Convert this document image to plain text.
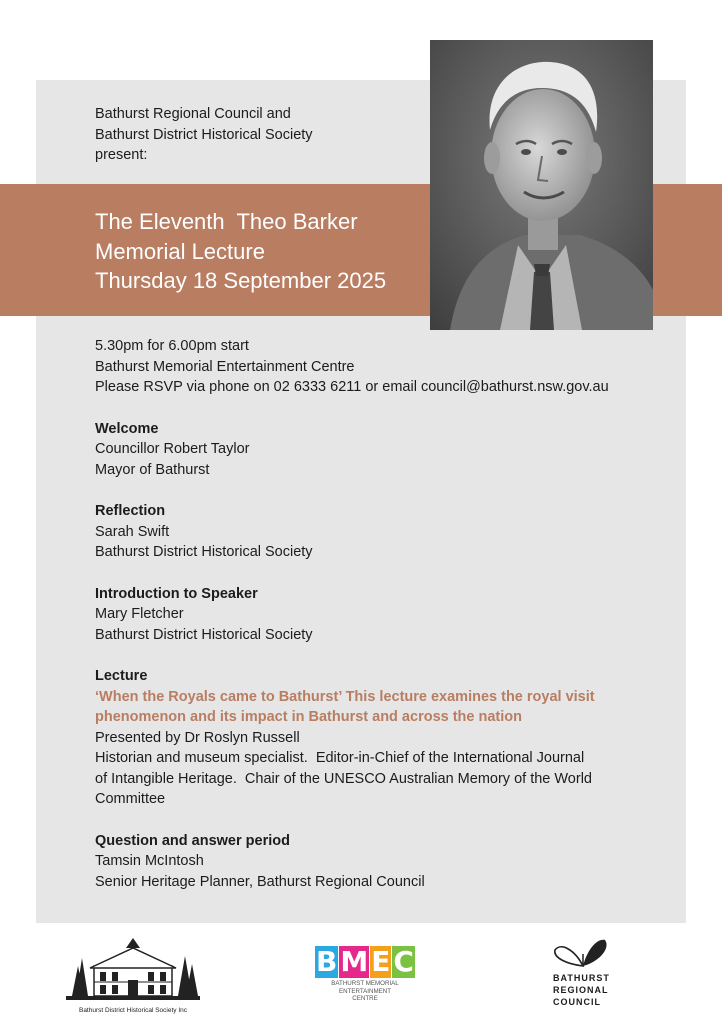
Bathurst Regional Council and
Bathurst District Historical Society
present:
The Eleventh  Theo Barker
Memorial Lecture
Thursday 18 September 2025
5.30pm for 6.00pm start
Bathurst Memorial Entertainment Centre
Please RSVP via phone on 02 6333 6211 or email council@bathurst.nsw.gov.au
Welcome
Councillor Robert Taylor
Mayor of Bathurst
Reflection
Sarah Swift
Bathurst District Historical Society
Introduction to Speaker
Mary Fletcher
Bathurst District Historical Society
Lecture
‘When the Royals came to Bathurst’ This lecture examines the royal visit
phenomenon and its impact in Bathurst and across the nation
Presented by Dr Roslyn Russell
Historian and museum specialist.  Editor-in-Chief of the International Journal
of Intangible Heritage.  Chair of the UNESCO Australian Memory of the World
Committee
Question and answer period
Tamsin McIntosh
Senior Heritage Planner, Bathurst Regional Council
Bathurst District Historical Society Inc
B M E C
BATHURST MEMORIAL
ENTERTAINMENT CENTRE
BATHURST
REGIONAL
COUNCIL
